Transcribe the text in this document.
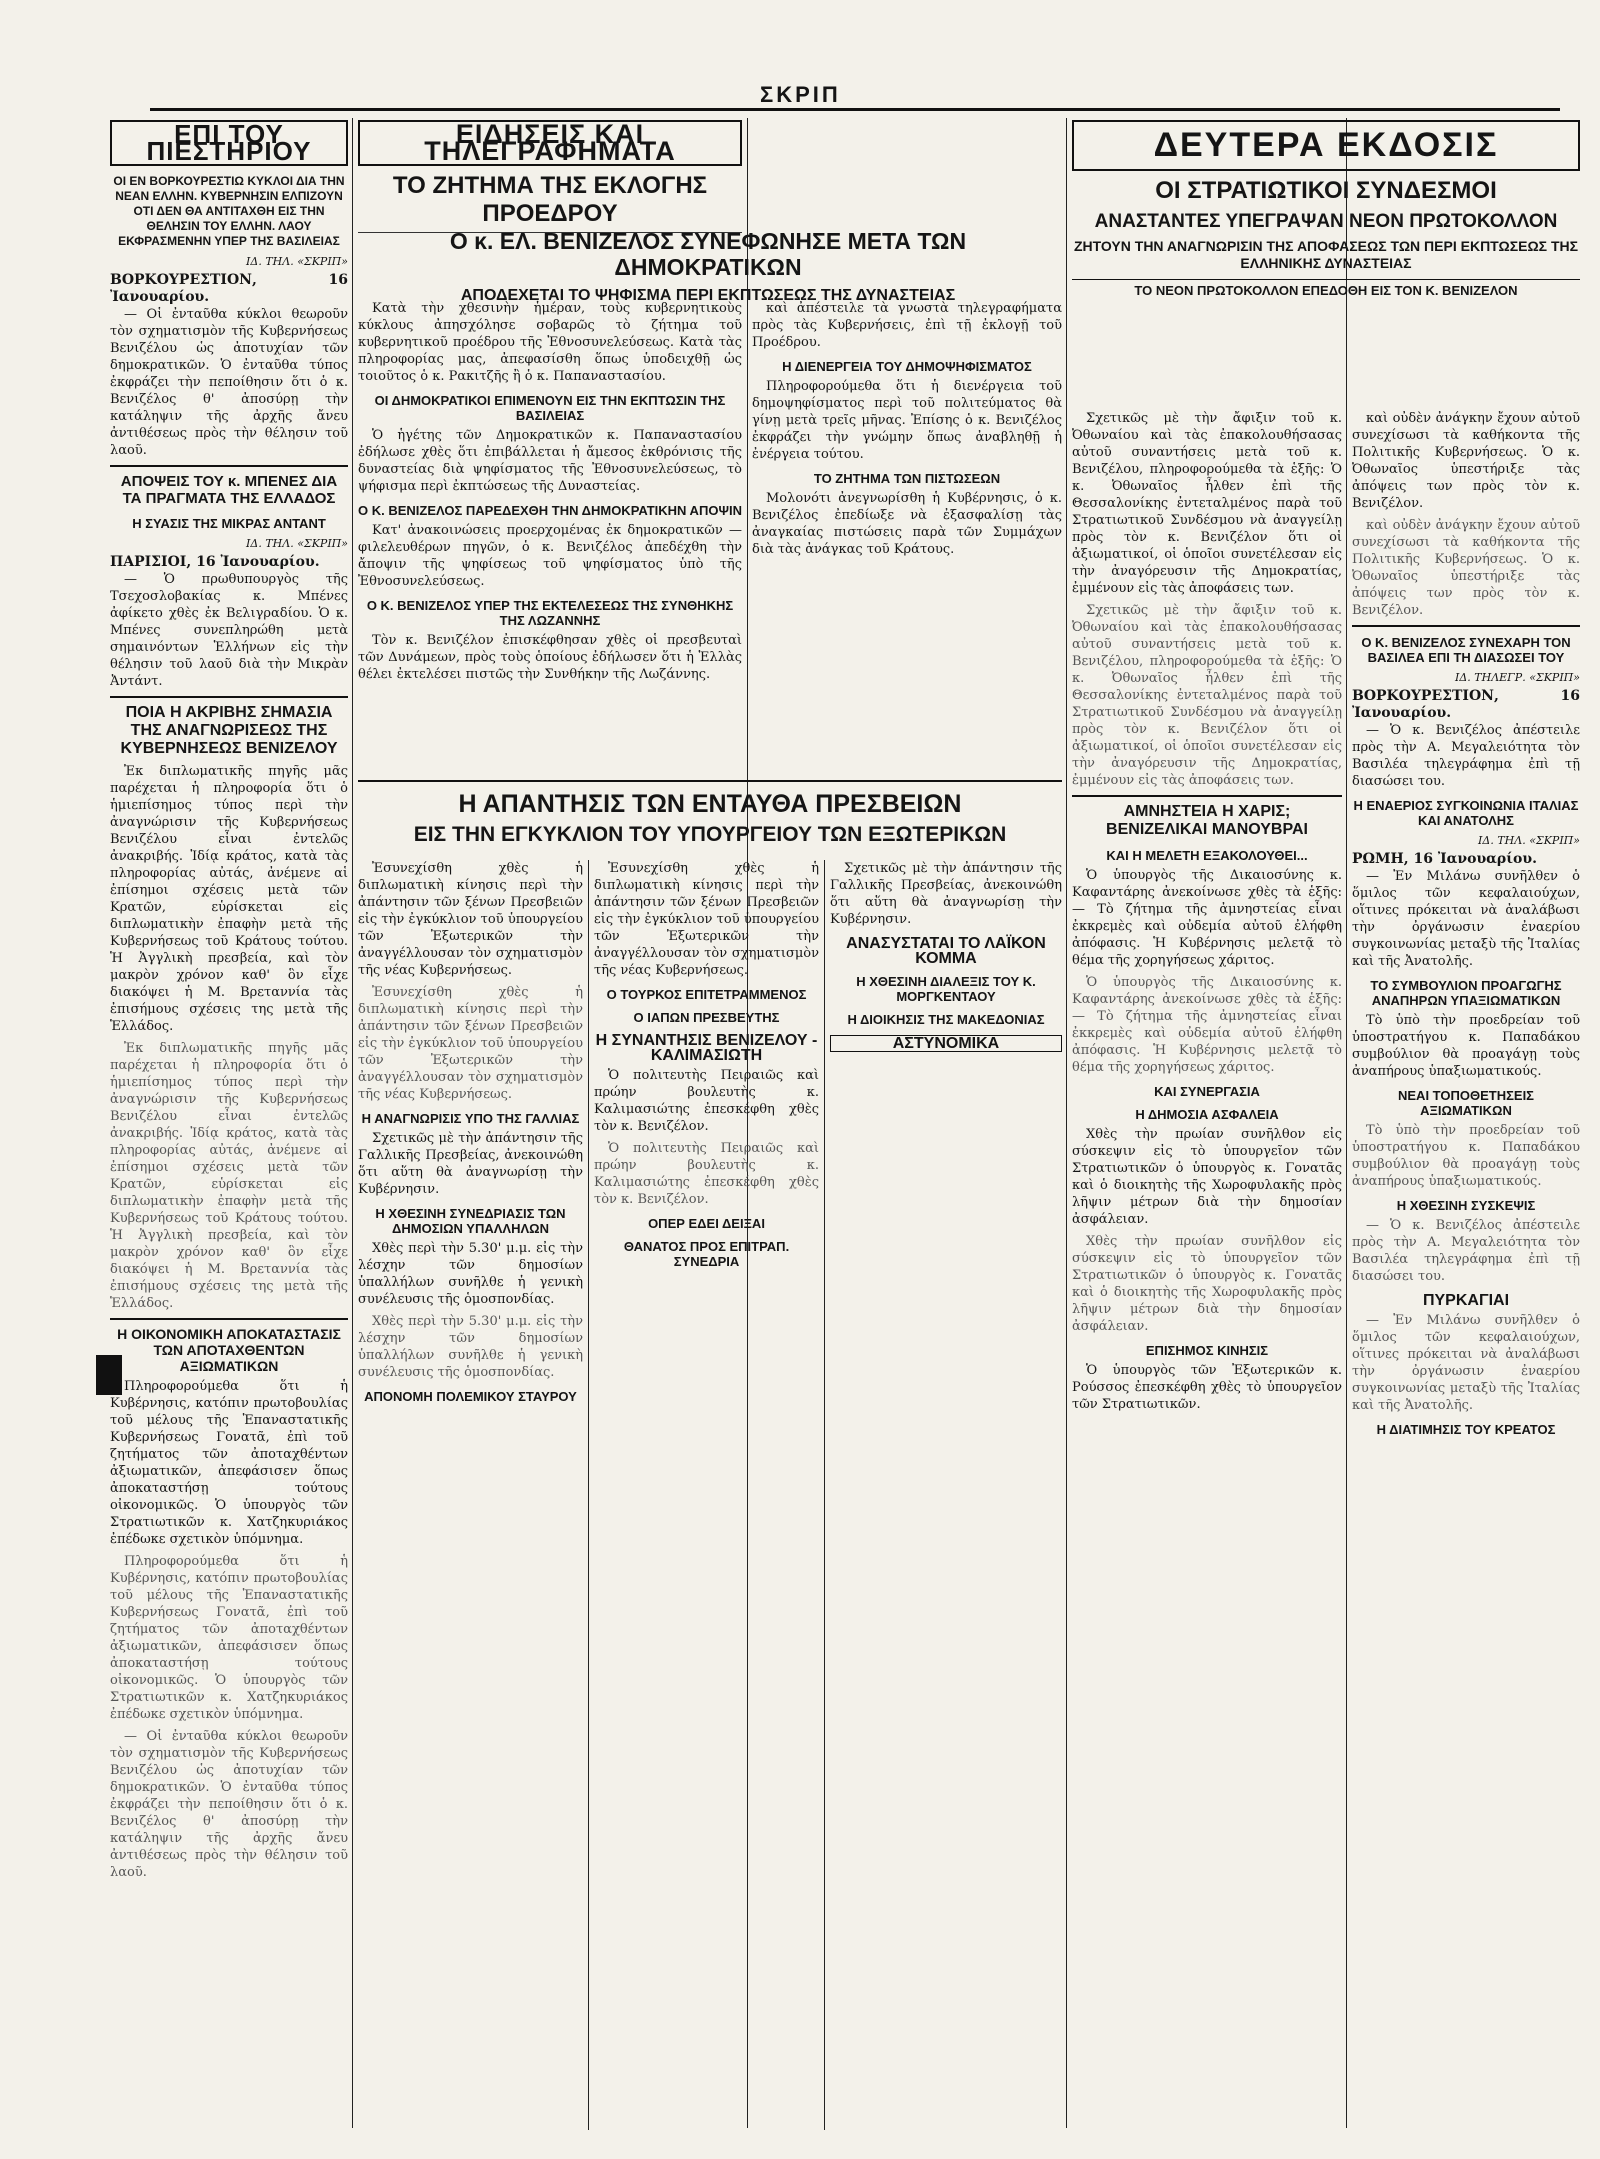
ΣΚΡΙΠ
ΕΠΙ ΤΟΥ ΠΙΕΣΤΗΡΙΟΥ
ΟΙ ΕΝ ΒΟΡΚΟΥΡΕΣΤΙΩ ΚΥΚΛΟΙ ΔΙΑ ΤΗΝ ΝΕΑΝ ΕΛΛΗΝ. ΚΥΒΕΡΝΗΣΙΝ ΕΛΠΙΖΟΥΝ ΟΤΙ ΔΕΝ ΘΑ ΑΝΤΙΤΑΧΘΗ ΕΙΣ ΤΗΝ ΘΕΛΗΣΙΝ ΤΟΥ ΕΛΛΗΝ. ΛΑΟΥ ΕΚΦΡΑΣΜΕΝΗΝ ΥΠΕΡ ΤΗΣ ΒΑΣΙΛΕΙΑΣ
ΙΔ. ΤΗΛ. «ΣΚΡΙΠ»
ΒΟΡΚΟΥΡΕΣΤΙΟΝ, 16 Ἰανουαρίου.

— Οἱ ἐνταῦθα κύκλοι θεωροῦν τὸν σχηματισμὸν τῆς Κυβερνήσεως Βενιζέλου ὡς ἀποτυχίαν τῶν δημοκρατικῶν. Ὁ ἐνταῦθα τύπος ἐκφράζει τὴν πεποίθησιν ὅτι ὁ κ. Βενιζέλος θ' ἀποσύρῃ τὴν κατάληψιν τῆς ἀρχῆς ἄνευ ἀντιθέσεως πρὸς τὴν θέλησιν τοῦ λαοῦ.

ΑΠΟΨΕΙΣ ΤΟΥ κ. ΜΠΕΝΕΣ ΔΙΑ ΤΑ ΠΡΑΓΜΑΤΑ ΤΗΣ ΕΛΛΑΔΟΣ
Η ΣΥΑΣΙΣ ΤΗΣ ΜΙΚΡΑΣ ΑΝΤΑΝΤ
ΙΔ. ΤΗΛ. «ΣΚΡΙΠ»
ΠΑΡΙΣΙΟΙ, 16 Ἰανουαρίου.

— Ὁ πρωθυπουργὸς τῆς Τσεχοσλοβακίας κ. Μπένες ἀφίκετο χθὲς ἐκ Βελιγραδίου. Ὁ κ. Μπένες συνεπληρώθη μετὰ σημαινόντων Ἑλλήνων εἰς τὴν θέλησιν τοῦ λαοῦ διὰ τὴν Μικρὰν Ἀντάντ.

ΠΟΙΑ Η ΑΚΡΙΒΗΣ ΣΗΜΑΣΙΑ ΤΗΣ ΑΝΑΓΝΩΡΙΣΕΩΣ ΤΗΣ ΚΥΒΕΡΝΗΣΕΩΣ ΒΕΝΙΖΕΛΟΥ

Ἐκ διπλωματικῆς πηγῆς μᾶς παρέχεται ἡ πληροφορία ὅτι ὁ ἡμιεπίσημος τύπος περὶ τὴν ἀναγνώρισιν τῆς Κυβερνήσεως Βενιζέλου εἶναι ἐντελῶς ἀνακριβής. Ἰδίᾳ κράτος, κατὰ τὰς πληροφορίας αὐτάς, ἀνέμενε αἱ ἐπίσημοι σχέσεις μετὰ τῶν Κρατῶν, εὑρίσκεται εἰς διπλωματικὴν ἐπαφὴν μετὰ τῆς Κυβερνήσεως τοῦ Κράτους τούτου. Ἡ Ἀγγλικὴ πρεσβεία, καὶ τὸν μακρὸν χρόνον καθ' ὃν εἶχε διακόψει ἡ Μ. Βρεταννία τὰς ἐπισήμους σχέσεις της μετὰ τῆς Ἑλλάδος.

Ἐκ διπλωματικῆς πηγῆς μᾶς παρέχεται ἡ πληροφορία ὅτι ὁ ἡμιεπίσημος τύπος περὶ τὴν ἀναγνώρισιν τῆς Κυβερνήσεως Βενιζέλου εἶναι ἐντελῶς ἀνακριβής. Ἰδίᾳ κράτος, κατὰ τὰς πληροφορίας αὐτάς, ἀνέμενε αἱ ἐπίσημοι σχέσεις μετὰ τῶν Κρατῶν, εὑρίσκεται εἰς διπλωματικὴν ἐπαφὴν μετὰ τῆς Κυβερνήσεως τοῦ Κράτους τούτου. Ἡ Ἀγγλικὴ πρεσβεία, καὶ τὸν μακρὸν χρόνον καθ' ὃν εἶχε διακόψει ἡ Μ. Βρεταννία τὰς ἐπισήμους σχέσεις της μετὰ τῆς Ἑλλάδος.

Η ΟΙΚΟΝΟΜΙΚΗ ΑΠΟΚΑΤΑΣΤΑΣΙΣ ΤΩΝ ΑΠΟΤΑΧΘΕΝΤΩΝ ΑΞΙΩΜΑΤΙΚΩΝ

Πληροφορούμεθα ὅτι ἡ Κυβέρνησις, κατόπιν πρωτοβουλίας τοῦ μέλους τῆς Ἐπαναστατικῆς Κυβερνήσεως Γονατᾶ, ἐπὶ τοῦ ζητήματος τῶν ἀποταχθέντων ἀξιωματικῶν, ἀπεφάσισεν ὅπως ἀποκαταστήσῃ τούτους οἰκονομικῶς. Ὁ ὑπουργὸς τῶν Στρατιωτικῶν κ. Χατζηκυριάκος ἐπέδωκε σχετικὸν ὑπόμνημα.

Πληροφορούμεθα ὅτι ἡ Κυβέρνησις, κατόπιν πρωτοβουλίας τοῦ μέλους τῆς Ἐπαναστατικῆς Κυβερνήσεως Γονατᾶ, ἐπὶ τοῦ ζητήματος τῶν ἀποταχθέντων ἀξιωματικῶν, ἀπεφάσισεν ὅπως ἀποκαταστήσῃ τούτους οἰκονομικῶς. Ὁ ὑπουργὸς τῶν Στρατιωτικῶν κ. Χατζηκυριάκος ἐπέδωκε σχετικὸν ὑπόμνημα.

— Οἱ ἐνταῦθα κύκλοι θεωροῦν τὸν σχηματισμὸν τῆς Κυβερνήσεως Βενιζέλου ὡς ἀποτυχίαν τῶν δημοκρατικῶν. Ὁ ἐνταῦθα τύπος ἐκφράζει τὴν πεποίθησιν ὅτι ὁ κ. Βενιζέλος θ' ἀποσύρῃ τὴν κατάληψιν τῆς ἀρχῆς ἄνευ ἀντιθέσεως πρὸς τὴν θέλησιν τοῦ λαοῦ.

ΕΙΔΗΣΕΙΣ ΚΑΙ ΤΗΛΕΓΡΑΦΗΜΑΤΑ
ΤΟ ΖΗΤΗΜΑ ΤΗΣ ΕΚΛΟΓΗΣ ΠΡΟΕΔΡΟΥ
Ο κ. ΕΛ. ΒΕΝΙΖΕΛΟΣ ΣΥΝΕΦΩΝΗΣΕ ΜΕΤΑ ΤΩΝ ΔΗΜΟΚΡΑΤΙΚΩΝ
ΑΠΟΔΕΧΕΤΑΙ ΤΟ ΨΗΦΙΣΜΑ ΠΕΡΙ ΕΚΠΤΩΣΕΩΣ ΤΗΣ ΔΥΝΑΣΤΕΙΑΣ

Κατὰ τὴν χθεσινὴν ἡμέραν, τοὺς κυβερνητικοὺς κύκλους ἀπησχόλησε σοβαρῶς τὸ ζήτημα τοῦ κυβερνητικοῦ προέδρου τῆς Ἐθνοσυνελεύσεως. Κατὰ τὰς πληροφορίας μας, ἀπεφασίσθη ὅπως ὑποδειχθῇ ὡς τοιοῦτος ὁ κ. Ρακιτζῆς ἢ ὁ κ. Παπαναστασίου.

ΟΙ ΔΗΜΟΚΡΑΤΙΚΟΙ ΕΠΙΜΕΝΟΥΝ ΕΙΣ ΤΗΝ ΕΚΠΤΩΣΙΝ ΤΗΣ ΒΑΣΙΛΕΙΑΣ

Ὁ ἡγέτης τῶν Δημοκρατικῶν κ. Παπαναστασίου ἐδήλωσε χθὲς ὅτι ἐπιβάλλεται ἡ ἄμεσος ἐκθρόνισις τῆς δυναστείας διὰ ψηφίσματος τῆς Ἐθνοσυνελεύσεως, τὸ ψήφισμα περὶ ἐκπτώσεως τῆς Δυναστείας.

Ο Κ. ΒΕΝΙΖΕΛΟΣ ΠΑΡΕΔΕΧΘΗ ΤΗΝ ΔΗΜΟΚΡΑΤΙΚΗΝ ΑΠΟΨΙΝ

Κατ' ἀνακοινώσεις προερχομένας ἐκ δημοκρατικῶν — φιλελευθέρων πηγῶν, ὁ κ. Βενιζέλος ἀπεδέχθη τὴν ἄποψιν τῆς ψηφίσεως τοῦ ψηφίσματος ὑπὸ τῆς Ἐθνοσυνελεύσεως.

Ο Κ. ΒΕΝΙΖΕΛΟΣ ΥΠΕΡ ΤΗΣ ΕΚΤΕΛΕΣΕΩΣ ΤΗΣ ΣΥΝΘΗΚΗΣ ΤΗΣ ΛΩΖΑΝΝΗΣ

Τὸν κ. Βενιζέλον ἐπισκέφθησαν χθὲς οἱ πρεσβευταὶ τῶν Δυνάμεων, πρὸς τοὺς ὁποίους ἐδήλωσεν ὅτι ἡ Ἑλλὰς θέλει ἐκτελέσει πιστῶς τὴν Συνθήκην τῆς Λωζάννης.

καὶ ἀπέστειλε τὰ γνωστὰ τηλεγραφήματα πρὸς τὰς Κυβερνήσεις, ἐπὶ τῇ ἐκλογῇ τοῦ Προέδρου.

Η ΔΙΕΝΕΡΓΕΙΑ ΤΟΥ ΔΗΜΟΨΗΦΙΣΜΑΤΟΣ

Πληροφορούμεθα ὅτι ἡ διενέργεια τοῦ δημοψηφίσματος περὶ τοῦ πολιτεύματος θὰ γίνῃ μετὰ τρεῖς μῆνας. Ἐπίσης ὁ κ. Βενιζέλος ἐκφράζει τὴν γνώμην ὅπως ἀναβληθῇ ἡ ἐνέργεια τούτου.

ΤΟ ΖΗΤΗΜΑ ΤΩΝ ΠΙΣΤΩΣΕΩΝ

Μολονότι ἀνεγνωρίσθη ἡ Κυβέρνησις, ὁ κ. Βενιζέλος ἐπεδίωξε νὰ ἐξασφαλίσῃ τὰς ἀναγκαίας πιστώσεις παρὰ τῶν Συμμάχων διὰ τὰς ἀνάγκας τοῦ Κράτους.

Η ΑΠΑΝΤΗΣΙΣ ΤΩΝ ΕΝΤΑΥΘΑ ΠΡΕΣΒΕΙΩΝ
ΕΙΣ ΤΗΝ ΕΓΚΥΚΛΙΟΝ ΤΟΥ ΥΠΟΥΡΓΕΙΟΥ ΤΩΝ ΕΞΩΤΕΡΙΚΩΝ

Ἐσυνεχίσθη χθὲς ἡ διπλωματικὴ κίνησις περὶ τὴν ἀπάντησιν τῶν ξένων Πρεσβειῶν εἰς τὴν ἐγκύκλιον τοῦ ὑπουργείου τῶν Ἐξωτερικῶν τὴν ἀναγγέλλουσαν τὸν σχηματισμὸν τῆς νέας Κυβερνήσεως.

Ἐσυνεχίσθη χθὲς ἡ διπλωματικὴ κίνησις περὶ τὴν ἀπάντησιν τῶν ξένων Πρεσβειῶν εἰς τὴν ἐγκύκλιον τοῦ ὑπουργείου τῶν Ἐξωτερικῶν τὴν ἀναγγέλλουσαν τὸν σχηματισμὸν τῆς νέας Κυβερνήσεως.

Η ΑΝΑΓΝΩΡΙΣΙΣ ΥΠΟ ΤΗΣ ΓΑΛΛΙΑΣ

Σχετικῶς μὲ τὴν ἀπάντησιν τῆς Γαλλικῆς Πρεσβείας, ἀνεκοινώθη ὅτι αὕτη θὰ ἀναγνωρίσῃ τὴν Κυβέρνησιν.

Η ΧΘΕΣΙΝΗ ΣΥΝΕΔΡΙΑΣΙΣ ΤΩΝ ΔΗΜΟΣΙΩΝ ΥΠΑΛΛΗΛΩΝ

Χθὲς περὶ τὴν 5.30' μ.μ. εἰς τὴν λέσχην τῶν δημοσίων ὑπαλλήλων συνῆλθε ἡ γενικὴ συνέλευσις τῆς ὁμοσπονδίας.

Χθὲς περὶ τὴν 5.30' μ.μ. εἰς τὴν λέσχην τῶν δημοσίων ὑπαλλήλων συνῆλθε ἡ γενικὴ συνέλευσις τῆς ὁμοσπονδίας.

ΑΠΟΝΟΜΗ ΠΟΛΕΜΙΚΟΥ ΣΤΑΥΡΟΥ

Ἐσυνεχίσθη χθὲς ἡ διπλωματικὴ κίνησις περὶ τὴν ἀπάντησιν τῶν ξένων Πρεσβειῶν εἰς τὴν ἐγκύκλιον τοῦ ὑπουργείου τῶν Ἐξωτερικῶν τὴν ἀναγγέλλουσαν τὸν σχηματισμὸν τῆς νέας Κυβερνήσεως.

Ο ΤΟΥΡΚΟΣ ΕΠΙΤΕΤΡΑΜΜΕΝΟΣ
Ο ΙΑΠΩΝ ΠΡΕΣΒΕΥΤΗΣ
Η ΣΥΝΑΝΤΗΣΙΣ ΒΕΝΙΖΕΛΟΥ - ΚΑΛΙΜΑΣΙΩΤΗ

Ὁ πολιτευτὴς Πειραιῶς καὶ πρώην βουλευτὴς κ. Καλιμασιώτης ἐπεσκέφθη χθὲς τὸν κ. Βενιζέλον.

Ὁ πολιτευτὴς Πειραιῶς καὶ πρώην βουλευτὴς κ. Καλιμασιώτης ἐπεσκέφθη χθὲς τὸν κ. Βενιζέλον.

ΟΠΕΡ ΕΔΕΙ ΔΕΙΞΑΙ
ΘΑΝΑΤΟΣ ΠΡΟΣ ΕΠΙΤΡΑΠ. ΣΥΝΕΔΡΙΑ

Σχετικῶς μὲ τὴν ἀπάντησιν τῆς Γαλλικῆς Πρεσβείας, ἀνεκοινώθη ὅτι αὕτη θὰ ἀναγνωρίσῃ τὴν Κυβέρνησιν.

ΑΝΑΣΥΣΤΑΤΑΙ ΤΟ ΛΑΪΚΟΝ ΚΟΜΜΑ
Η ΧΘΕΣΙΝΗ ΔΙΑΛΕΞΙΣ ΤΟΥ Κ. ΜΟΡΓΚΕΝΤΑΟΥ
Η ΔΙΟΙΚΗΣΙΣ ΤΗΣ ΜΑΚΕΔΟΝΙΑΣ
ΑΣΤΥΝΟΜΙΚΑ
ΔΕΥΤΕΡΑ ΕΚΔΟΣΙΣ
ΟΙ ΣΤΡΑΤΙΩΤΙΚΟΙ ΣΥΝΔΕΣΜΟΙ
ΑΝΑΣΤΑΝΤΕΣ ΥΠΕΓΡΑΨΑΝ ΝΕΟΝ ΠΡΩΤΟΚΟΛΛΟΝ
ΖΗΤΟΥΝ ΤΗΝ ΑΝΑΓΝΩΡΙΣΙΝ ΤΗΣ ΑΠΟΦΑΣΕΩΣ ΤΩΝ ΠΕΡΙ ΕΚΠΤΩΣΕΩΣ ΤΗΣ ΕΛΛΗΝΙΚΗΣ ΔΥΝΑΣΤΕΙΑΣ
ΤΟ ΝΕΟΝ ΠΡΩΤΟΚΟΛΛΟΝ ΕΠΕΔΟΘΗ ΕΙΣ ΤΟΝ Κ. ΒΕΝΙΖΕΛΟΝ

Σχετικῶς μὲ τὴν ἄφιξιν τοῦ κ. Ὀθωναίου καὶ τὰς ἐπακολουθήσασας αὐτοῦ συναντήσεις μετὰ τοῦ κ. Βενιζέλου, πληροφορούμεθα τὰ ἑξῆς: Ὁ κ. Ὀθωναῖος ἦλθεν ἐπὶ τῆς Θεσσαλονίκης ἐντεταλμένος παρὰ τοῦ Στρατιωτικοῦ Συνδέσμου νὰ ἀναγγείλῃ πρὸς τὸν κ. Βενιζέλον ὅτι οἱ ἀξιωματικοί, οἱ ὁποῖοι συνετέλεσαν εἰς τὴν ἀναγόρευσιν τῆς Δημοκρατίας, ἐμμένουν εἰς τὰς ἀποφάσεις των.

Σχετικῶς μὲ τὴν ἄφιξιν τοῦ κ. Ὀθωναίου καὶ τὰς ἐπακολουθήσασας αὐτοῦ συναντήσεις μετὰ τοῦ κ. Βενιζέλου, πληροφορούμεθα τὰ ἑξῆς: Ὁ κ. Ὀθωναῖος ἦλθεν ἐπὶ τῆς Θεσσαλονίκης ἐντεταλμένος παρὰ τοῦ Στρατιωτικοῦ Συνδέσμου νὰ ἀναγγείλῃ πρὸς τὸν κ. Βενιζέλον ὅτι οἱ ἀξιωματικοί, οἱ ὁποῖοι συνετέλεσαν εἰς τὴν ἀναγόρευσιν τῆς Δημοκρατίας, ἐμμένουν εἰς τὰς ἀποφάσεις των.

ΑΜΝΗΣΤΕΙΑ Η ΧΑΡΙΣ; ΒΕΝΙΖΕΛΙΚΑΙ ΜΑΝΟΥΒΡΑΙ
ΚΑΙ Η ΜΕΛΕΤΗ ΕΞΑΚΟΛΟΥΘΕΙ...

Ὁ ὑπουργὸς τῆς Δικαιοσύνης κ. Καφαντάρης ἀνεκοίνωσε χθὲς τὰ ἑξῆς: — Τὸ ζήτημα τῆς ἀμνηστείας εἶναι ἐκκρεμὲς καὶ οὐδεμία αὐτοῦ ἐλήφθη ἀπόφασις. Ἡ Κυβέρνησις μελετᾷ τὸ θέμα τῆς χορηγήσεως χάριτος.

Ὁ ὑπουργὸς τῆς Δικαιοσύνης κ. Καφαντάρης ἀνεκοίνωσε χθὲς τὰ ἑξῆς: — Τὸ ζήτημα τῆς ἀμνηστείας εἶναι ἐκκρεμὲς καὶ οὐδεμία αὐτοῦ ἐλήφθη ἀπόφασις. Ἡ Κυβέρνησις μελετᾷ τὸ θέμα τῆς χορηγήσεως χάριτος.

ΚΑΙ ΣΥΝΕΡΓΑΣΙΑ
Η ΔΗΜΟΣΙΑ ΑΣΦΑΛΕΙΑ

Χθὲς τὴν πρωίαν συνῆλθον εἰς σύσκεψιν εἰς τὸ ὑπουργεῖον τῶν Στρατιωτικῶν ὁ ὑπουργὸς κ. Γονατᾶς καὶ ὁ διοικητὴς τῆς Χωροφυλακῆς πρὸς λῆψιν μέτρων διὰ τὴν δημοσίαν ἀσφάλειαν.

Χθὲς τὴν πρωίαν συνῆλθον εἰς σύσκεψιν εἰς τὸ ὑπουργεῖον τῶν Στρατιωτικῶν ὁ ὑπουργὸς κ. Γονατᾶς καὶ ὁ διοικητὴς τῆς Χωροφυλακῆς πρὸς λῆψιν μέτρων διὰ τὴν δημοσίαν ἀσφάλειαν.

ΕΠΙΣΗΜΟΣ ΚΙΝΗΣΙΣ

Ὁ ὑπουργὸς τῶν Ἐξωτερικῶν κ. Ρούσσος ἐπεσκέφθη χθὲς τὸ ὑπουργεῖον τῶν Στρατιωτικῶν.

καὶ οὐδὲν ἀνάγκην ἔχουν αὐτοῦ συνεχίσωσι τὰ καθήκοντα τῆς Πολιτικῆς Κυβερνήσεως. Ὁ κ. Ὀθωναῖος ὑπεστήριξε τὰς ἀπόψεις των πρὸς τὸν κ. Βενιζέλον.

καὶ οὐδὲν ἀνάγκην ἔχουν αὐτοῦ συνεχίσωσι τὰ καθήκοντα τῆς Πολιτικῆς Κυβερνήσεως. Ὁ κ. Ὀθωναῖος ὑπεστήριξε τὰς ἀπόψεις των πρὸς τὸν κ. Βενιζέλον.

Ο Κ. ΒΕΝΙΖΕΛΟΣ ΣΥΝΕΧΑΡΗ ΤΟΝ ΒΑΣΙΛΕΑ ΕΠΙ ΤΗ ΔΙΑΣΩΣΕΙ ΤΟΥ
ΙΔ. ΤΗΛΕΓΡ. «ΣΚΡΙΠ»
ΒΟΡΚΟΥΡΕΣΤΙΟΝ, 16 Ἰανουαρίου.

— Ὁ κ. Βενιζέλος ἀπέστειλε πρὸς τὴν Α. Μεγαλειότητα τὸν Βασιλέα τηλεγράφημα ἐπὶ τῇ διασώσει του.

Η ΕΝΑΕΡΙΟΣ ΣΥΓΚΟΙΝΩΝΙΑ ΙΤΑΛΙΑΣ ΚΑΙ ΑΝΑΤΟΛΗΣ
ΙΔ. ΤΗΛ. «ΣΚΡΙΠ»
ΡΩΜΗ, 16 Ἰανουαρίου.

— Ἐν Μιλάνω συνῆλθεν ὁ ὅμιλος τῶν κεφαλαιούχων, οἵτινες πρόκειται νὰ ἀναλάβωσι τὴν ὀργάνωσιν ἐναερίου συγκοινωνίας μεταξὺ τῆς Ἰταλίας καὶ τῆς Ἀνατολῆς.

ΤΟ ΣΥΜΒΟΥΛΙΟΝ ΠΡΟΑΓΩΓΗΣ ΑΝΑΠΗΡΩΝ ΥΠΑΞΙΩΜΑΤΙΚΩΝ

Τὸ ὑπὸ τὴν προεδρείαν τοῦ ὑποστρατήγου κ. Παπαδάκου συμβούλιον θὰ προαγάγῃ τοὺς ἀναπήρους ὑπαξιωματικούς.

ΝΕΑΙ ΤΟΠΟΘΕΤΗΣΕΙΣ ΑΞΙΩΜΑΤΙΚΩΝ

Τὸ ὑπὸ τὴν προεδρείαν τοῦ ὑποστρατήγου κ. Παπαδάκου συμβούλιον θὰ προαγάγῃ τοὺς ἀναπήρους ὑπαξιωματικούς.

Η ΧΘΕΣΙΝΗ ΣΥΣΚΕΨΙΣ

— Ὁ κ. Βενιζέλος ἀπέστειλε πρὸς τὴν Α. Μεγαλειότητα τὸν Βασιλέα τηλεγράφημα ἐπὶ τῇ διασώσει του.

ΠΥΡΚΑΓΙΑΙ

— Ἐν Μιλάνω συνῆλθεν ὁ ὅμιλος τῶν κεφαλαιούχων, οἵτινες πρόκειται νὰ ἀναλάβωσι τὴν ὀργάνωσιν ἐναερίου συγκοινωνίας μεταξὺ τῆς Ἰταλίας καὶ τῆς Ἀνατολῆς.

Η ΔΙΑΤΙΜΗΣΙΣ ΤΟΥ ΚΡΕΑΤΟΣ
